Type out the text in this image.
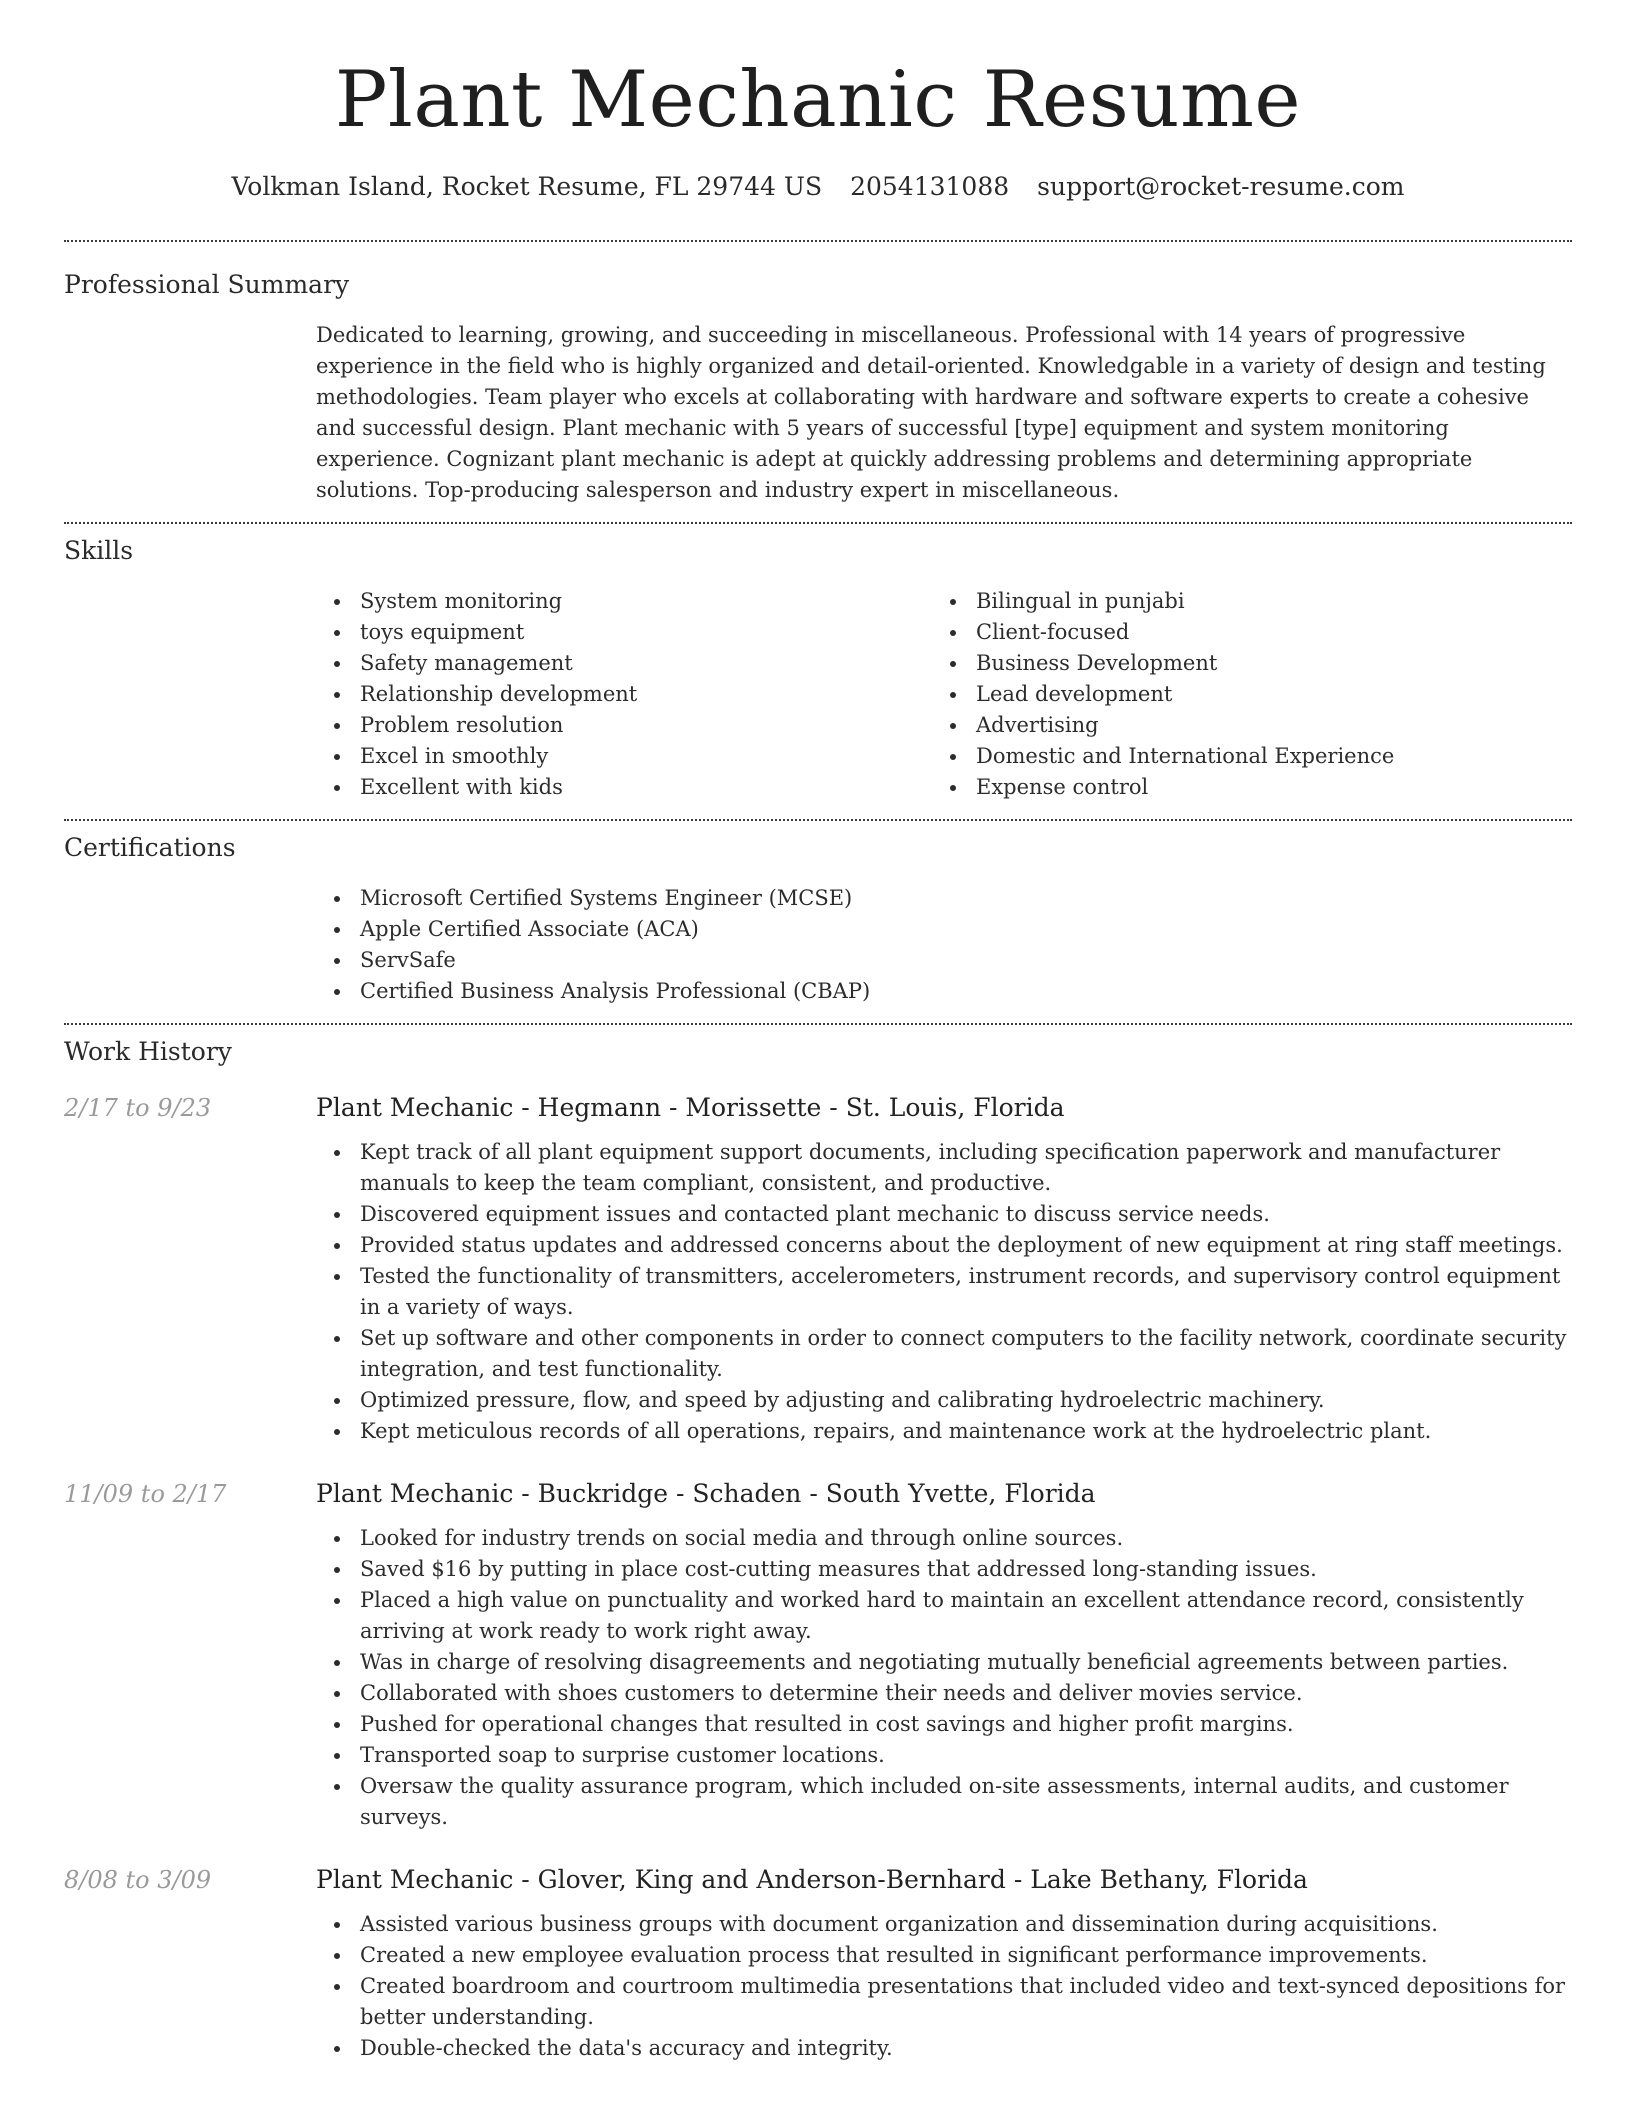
Plant Mechanic Resume
Volkman Island, Rocket Resume, FL 29744 US 2054131088 support@rocket-resume.com
Professional Summary

Dedicated to learning, growing, and succeeding in miscellaneous. Professional with 14 years of progressive experience in the field who is highly organized and detail-oriented. Knowledgable in a variety of design and testing methodologies. Team player who excels at collaborating with hardware and software experts to create a cohesive and successful design. Plant mechanic with 5 years of successful [type] equipment and system monitoring experience. Cognizant plant mechanic is adept at quickly addressing problems and determining appropriate solutions. Top-producing salesperson and industry expert in miscellaneous.

Skills
System monitoring
toys equipment
Safety management
Relationship development
Problem resolution
Excel in smoothly
Excellent with kids
Bilingual in punjabi
Client-focused
Business Development
Lead development
Advertising
Domestic and International Experience
Expense control
Certifications
Microsoft Certified Systems Engineer (MCSE)
Apple Certified Associate (ACA)
ServSafe
Certified Business Analysis Professional (CBAP)
Work History
2/17 to 9/23	Plant Mechanic - Hegmann - Morissette - St. Louis, Florida
Kept track of all plant equipment support documents, including specification paperwork and manufacturer manuals to keep the team compliant, consistent, and productive.
Discovered equipment issues and contacted plant mechanic to discuss service needs.
Provided status updates and addressed concerns about the deployment of new equipment at ring staff meetings.
Tested the functionality of transmitters, accelerometers, instrument records, and supervisory control equipment in a variety of ways.
Set up software and other components in order to connect computers to the facility network, coordinate security integration, and test functionality.
Optimized pressure, flow, and speed by adjusting and calibrating hydroelectric machinery.
Kept meticulous records of all operations, repairs, and maintenance work at the hydroelectric plant.
11/09 to 2/17	Plant Mechanic - Buckridge - Schaden - South Yvette, Florida
Looked for industry trends on social media and through online sources.
Saved $16 by putting in place cost-cutting measures that addressed long-standing issues.
Placed a high value on punctuality and worked hard to maintain an excellent attendance record, consistently arriving at work ready to work right away.
Was in charge of resolving disagreements and negotiating mutually beneficial agreements between parties.
Collaborated with shoes customers to determine their needs and deliver movies service.
Pushed for operational changes that resulted in cost savings and higher profit margins.
Transported soap to surprise customer locations.
Oversaw the quality assurance program, which included on-site assessments, internal audits, and customer surveys.
8/08 to 3/09	Plant Mechanic - Glover, King and Anderson-Bernhard - Lake Bethany, Florida
Assisted various business groups with document organization and dissemination during acquisitions.
Created a new employee evaluation process that resulted in significant performance improvements.
Created boardroom and courtroom multimedia presentations that included video and text-synced depositions for better understanding.
Double-checked the data's accuracy and integrity.
